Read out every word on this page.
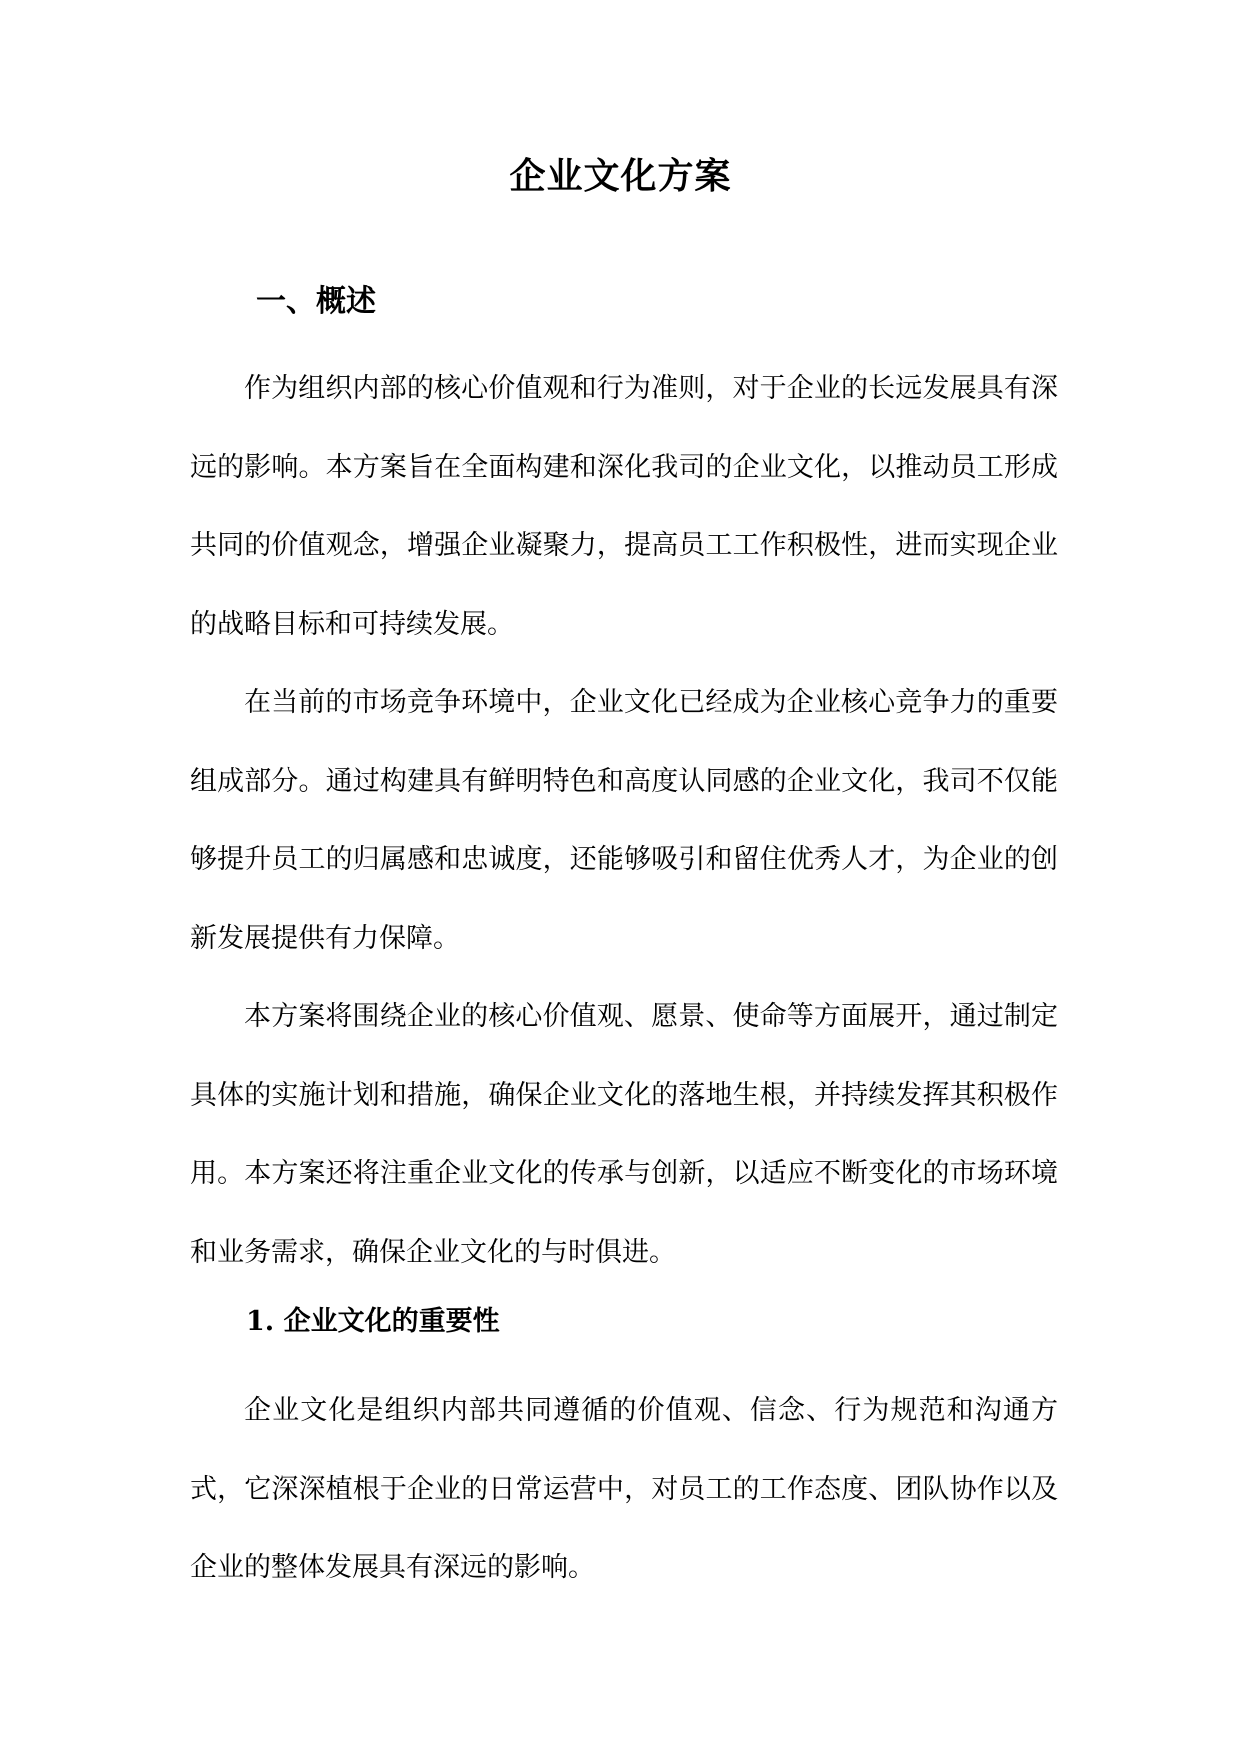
企业文化方案
一、概述

作为组织内部的核心价值观和行为准则，对于企业的长远发展具有深远的影响。本方案旨在全面构建和深化我司的企业文化，以推动员工形成共同的价值观念，增强企业凝聚力，提高员工工作积极性，进而实现企业的战略目标和可持续发展。

在当前的市场竞争环境中，企业文化已经成为企业核心竞争力的重要组成部分。通过构建具有鲜明特色和高度认同感的企业文化，我司不仅能够提升员工的归属感和忠诚度，还能够吸引和留住优秀人才，为企业的创新发展提供有力保障。

本方案将围绕企业的核心价值观、愿景、使命等方面展开，通过制定具体的实施计划和措施，确保企业文化的落地生根，并持续发挥其积极作用。本方案还将注重企业文化的传承与创新，以适应不断变化的市场环境和业务需求，确保企业文化的与时俱进。

1. 企业文化的重要性

企业文化是组织内部共同遵循的价值观、信念、行为规范和沟通方式，它深深植根于企业的日常运营中，对员工的工作态度、团队协作以及企业的整体发展具有深远的影响。
